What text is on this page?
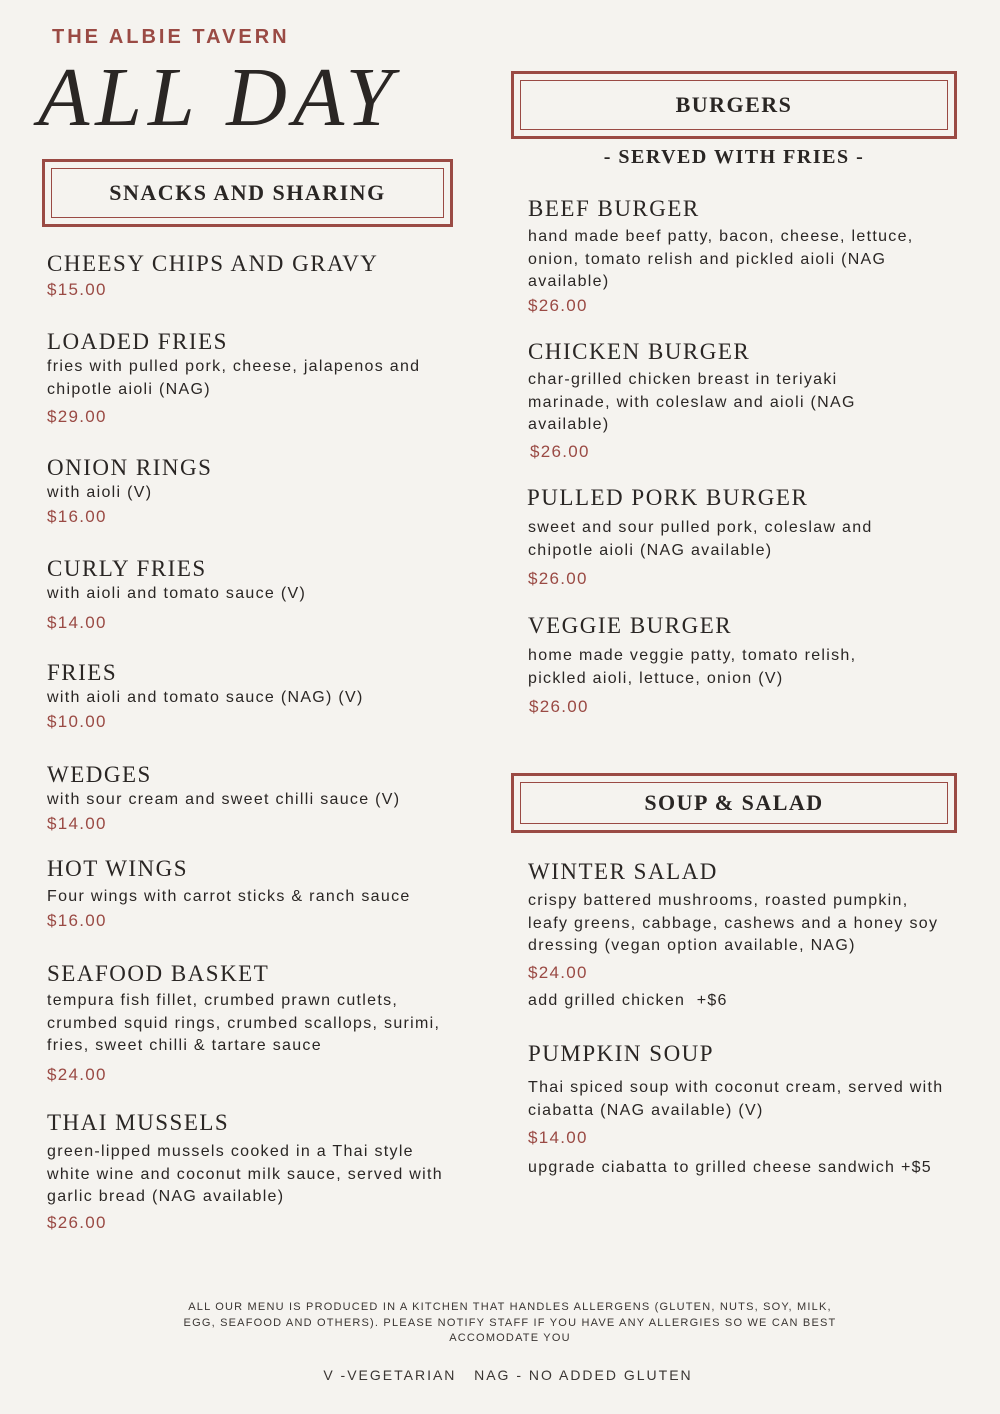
THE ALBIE TAVERN
ALL DAY
SNACKS AND SHARING
CHEESY CHIPS AND GRAVY
$15.00
LOADED FRIES
fries with pulled pork, cheese, jalapenos and chipotle aioli (NAG)
$29.00
ONION RINGS
with aioli (V)
$16.00
CURLY FRIES
with aioli and tomato sauce (V)
$14.00
FRIES
with aioli and tomato sauce (NAG) (V)
$10.00
WEDGES
with sour cream and sweet chilli sauce (V)
$14.00
HOT WINGS
Four wings with carrot sticks & ranch sauce
$16.00
SEAFOOD BASKET
tempura fish fillet, crumbed prawn cutlets, crumbed squid rings, crumbed scallops, surimi, fries, sweet chilli & tartare sauce
$24.00
THAI MUSSELS
green-lipped mussels cooked in a Thai style white wine and coconut milk sauce, served with garlic bread (NAG available)
$26.00
BURGERS
- SERVED WITH FRIES -
BEEF BURGER
hand made beef patty, bacon, cheese, lettuce, onion, tomato relish and pickled aioli (NAG available)
$26.00
CHICKEN BURGER
char-grilled chicken breast in teriyaki marinade, with coleslaw and aioli (NAG available)
$26.00
PULLED PORK BURGER
sweet and sour pulled pork, coleslaw and chipotle aioli (NAG available)
$26.00
VEGGIE BURGER
home made veggie patty, tomato relish, pickled aioli, lettuce, onion (V)
$26.00
SOUP & SALAD
WINTER SALAD
crispy battered mushrooms, roasted pumpkin, leafy greens, cabbage, cashews and a honey soy dressing (vegan option available, NAG)
$24.00
add grilled chicken  +$6
PUMPKIN SOUP
Thai spiced soup with coconut cream, served with ciabatta (NAG available) (V)
$14.00
upgrade ciabatta to grilled cheese sandwich +$5
ALL OUR MENU IS PRODUCED IN A KITCHEN THAT HANDLES ALLERGENS (GLUTEN, NUTS, SOY, MILK, EGG, SEAFOOD AND OTHERS). PLEASE NOTIFY STAFF IF YOU HAVE ANY ALLERGIES SO WE CAN BEST ACCOMODATE YOU
V -VEGETARIAN   NAG - NO ADDED GLUTEN
